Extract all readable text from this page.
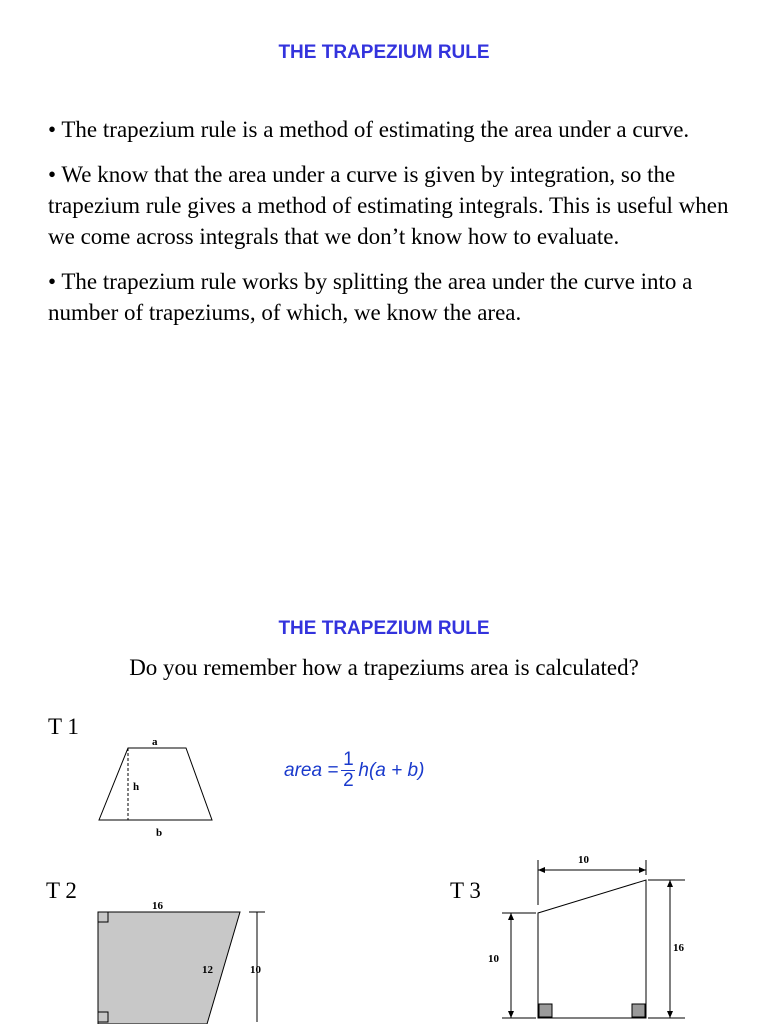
THE TRAPEZIUM RULE

• The trapezium rule is a method of estimating the area under a curve.

• We know that the area under a curve is given by integration, so the trapezium rule gives a method of estimating integrals. This is useful when we come across integrals that we don’t know how to evaluate.

• The trapezium rule works by splitting the area under the curve into a number of trapeziums, of which, we know the area.

THE TRAPEZIUM RULE
Do you remember how a trapeziums area is calculated?
T 1
T 2	T 3
area = $\frac{1}{2} h(a + b)$
a
h
b
16
12	10
10
10
16
